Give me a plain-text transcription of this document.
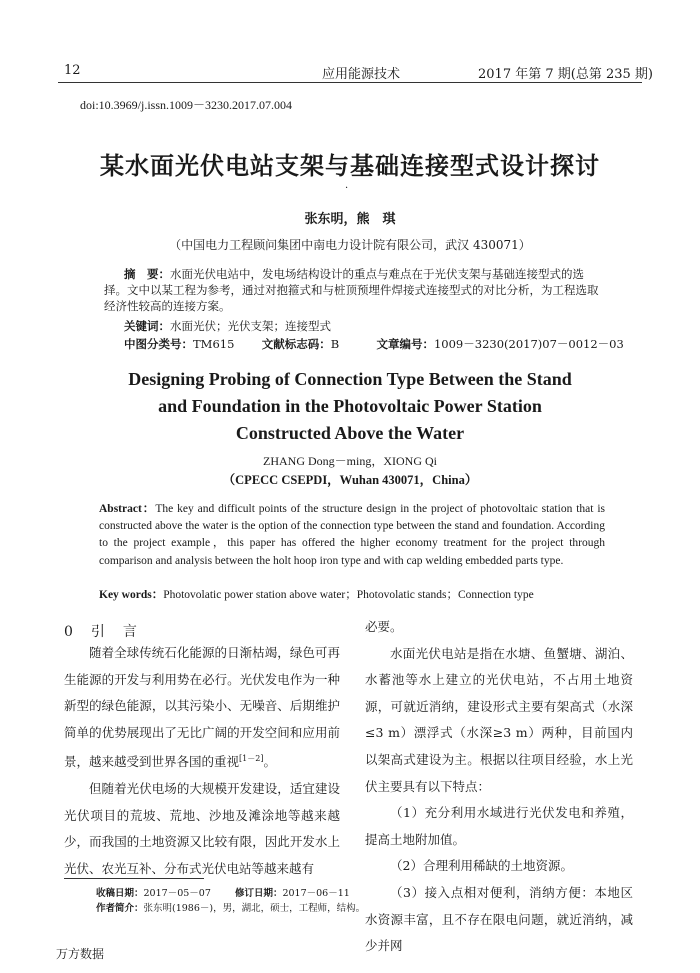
12	应用能源技术	2017 年第 7 期(总第 235 期)
doi:10.3969/j.issn.1009－3230.2017.07.004
某水面光伏电站支架与基础连接型式设计探讨
·
张东明，熊　琪
（中国电力工程顾问集团中南电力设计院有限公司，武汉 430071）
摘　要：水面光伏电站中，发电场结构设计的重点与难点在于光伏支架与基础连接型式的选择。文中以某工程为参考，通过对抱箍式和与桩顶预埋件焊接式连接型式的对比分析，为工程选取经济性较高的连接方案。
关键词：水面光伏；光伏支架；连接型式
中图分类号：TM615 文献标志码：B	文章编号：1009－3230(2017)07－0012－03
Designing Probing of Connection Type Between the Stand
and Foundation in the Photovoltaic Power Station
Constructed Above the Water
ZHANG Dong－ming，XIONG Qi
（CPECC CSEPDI，Wuhan 430071，China）
Abstract：The key and difficult points of the structure design in the project of photovoltaic station that is constructed above the water is the option of the connection type between the stand and foundation. According to the project example，this paper has offered the higher economy treatment for the project through comparison and analysis between the holt hoop iron type and with cap welding embedded parts type.
Key words：Photovolatic power station above water；Photovolatic stands；Connection type
0 引　言

随着全球传统石化能源的日渐枯竭，绿色可再生能源的开发与利用势在必行。光伏发电作为一种新型的绿色能源，以其污染小、无噪音、后期维护简单的优势展现出了无比广阔的开发空间和应用前景，越来越受到世界各国的重视[1－2]。

但随着光伏电场的大规模开发建设，适宜建设光伏项目的荒坡、荒地、沙地及滩涂地等越来越少，而我国的土地资源又比较有限，因此开发水上光伏、农光互补、分布式光伏电站等越来越有

必要。

水面光伏电站是指在水塘、鱼蟹塘、湖泊、水蓄池等水上建立的光伏电站，不占用土地资源，可就近消纳，建设形式主要有架高式（水深≤3 m）漂浮式（水深≥3 m）两种，目前国内以架高式建设为主。根据以往项目经验，水上光伏主要具有以下特点：

（1）充分利用水域进行光伏发电和养殖，提高土地附加值。

（2）合理利用稀缺的土地资源。

（3）接入点相对便利，消纳方便：本地区水资源丰富，且不存在限电问题，就近消纳，减少并网

收稿日期：2017－05－07	修订日期：2017－06－11
作者简介：张东明(1986－)，男，湖北，硕士，工程师，结构。
万方数据
